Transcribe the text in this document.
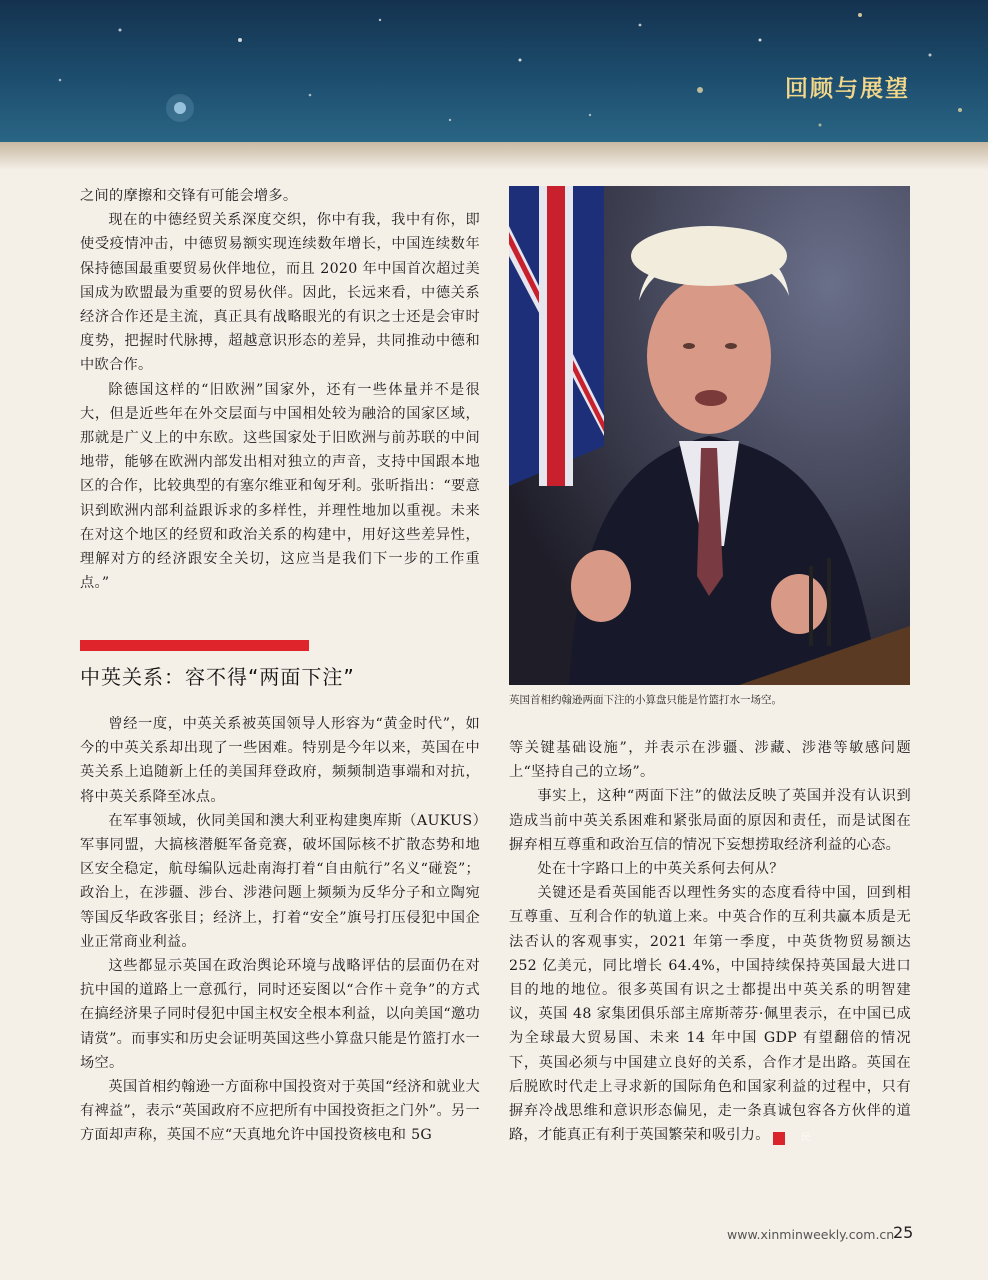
回顾与展望

之间的摩擦和交锋有可能会增多。

现在的中德经贸关系深度交织，你中有我，我中有你，即使受疫情冲击，中德贸易额实现连续数年增长，中国连续数年保持德国最重要贸易伙伴地位，而且 2020 年中国首次超过美国成为欧盟最为重要的贸易伙伴。因此，长远来看，中德关系经济合作还是主流，真正具有战略眼光的有识之士还是会审时度势，把握时代脉搏，超越意识形态的差异，共同推动中德和中欧合作。

除德国这样的“旧欧洲”国家外，还有一些体量并不是很大，但是近些年在外交层面与中国相处较为融洽的国家区域，那就是广义上的中东欧。这些国家处于旧欧洲与前苏联的中间地带，能够在欧洲内部发出相对独立的声音，支持中国跟本地区的合作，比较典型的有塞尔维亚和匈牙利。张昕指出：“要意识到欧洲内部利益跟诉求的多样性，并理性地加以重视。未来在对这个地区的经贸和政治关系的构建中，用好这些差异性，理解对方的经济跟安全关切，这应当是我们下一步的工作重点。”

中英关系：容不得“两面下注”

曾经一度，中英关系被英国领导人形容为“黄金时代”，如今的中英关系却出现了一些困难。特别是今年以来，英国在中英关系上追随新上任的美国拜登政府，频频制造事端和对抗，将中英关系降至冰点。

在军事领域，伙同美国和澳大利亚构建奥库斯（AUKUS）军事同盟，大搞核潜艇军备竞赛，破坏国际核不扩散态势和地区安全稳定，航母编队远赴南海打着“自由航行”名义“碰瓷”；政治上，在涉疆、涉台、涉港问题上频频为反华分子和立陶宛等国反华政客张目；经济上，打着“安全”旗号打压侵犯中国企业正常商业利益。

这些都显示英国在政治舆论环境与战略评估的层面仍在对抗中国的道路上一意孤行，同时还妄图以“合作＋竞争”的方式在搞经济果子同时侵犯中国主权安全根本利益，以向美国“邀功请赏”。而事实和历史会证明英国这些小算盘只能是竹篮打水一场空。

英国首相约翰逊一方面称中国投资对于英国“经济和就业大有裨益”，表示“英国政府不应把所有中国投资拒之门外”。另一方面却声称，英国不应“天真地允许中国投资核电和 5G

英国首相约翰逊两面下注的小算盘只能是竹篮打水一场空。

等关键基础设施”，并表示在涉疆、涉藏、涉港等敏感问题上“坚持自己的立场”。

事实上，这种“两面下注”的做法反映了英国并没有认识到造成当前中英关系困难和紧张局面的原因和责任，而是试图在摒弃相互尊重和政治互信的情况下妄想捞取经济利益的心态。

处在十字路口上的中英关系何去何从？

关键还是看英国能否以理性务实的态度看待中国，回到相互尊重、互利合作的轨道上来。中英合作的互利共赢本质是无法否认的客观事实，2021 年第一季度，中英货物贸易额达 252 亿美元，同比增长 64.4%，中国持续保持英国最大进口目的地的地位。很多英国有识之士都提出中英关系的明智建议，英国 48 家集团俱乐部主席斯蒂芬·佩里表示，在中国已成为全球最大贸易国、未来 14 年中国 GDP 有望翻倍的情况下，英国必须与中国建立良好的关系，合作才是出路。英国在后脱欧时代走上寻求新的国际角色和国家利益的过程中，只有摒弃冷战思维和意识形态偏见，走一条真诚包容各方伙伴的道路，才能真正有利于英国繁荣和吸引力。	民

www.xinminweekly.com.cn
25
